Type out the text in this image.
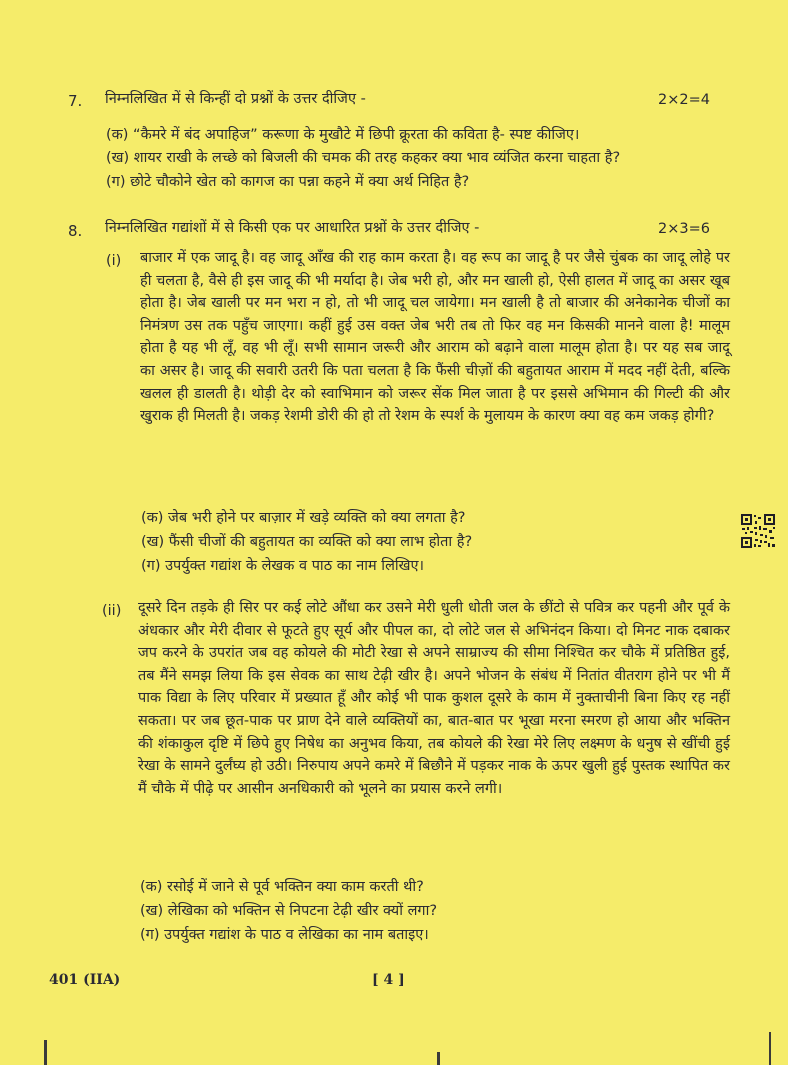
7. निम्नलिखित में से किन्हीं दो प्रश्नों के उत्तर दीजिए -	2×2=4
(क) “कैमरे में बंद अपाहिज” करूणा के मुखौटे में छिपी क्रूरता की कविता है- स्पष्ट कीजिए।
(ख) शायर राखी के लच्छे को बिजली की चमक की तरह कहकर क्या भाव व्यंजित करना चाहता है?
(ग) छोटे चौकोने खेत को कागज का पन्ना कहने में क्या अर्थ निहित है?
8. निम्नलिखित गद्यांशों में से किसी एक पर आधारित प्रश्नों के उत्तर दीजिए -	2×3=6
(i) बाजार में एक जादू है। वह जादू आँख की राह काम करता है। वह रूप का जादू है पर जैसे चुंबक का जादू लोहे पर ही चलता है, वैसे ही इस जादू की भी मर्यादा है। जेब भरी हो, और मन खाली हो, ऐसी हालत में जादू का असर खूब होता है। जेब खाली पर मन भरा न हो, तो भी जादू चल जायेगा। मन खाली है तो बाजार की अनेकानेक चीजों का निमंत्रण उस तक पहुँच जाएगा। कहीं हुई उस वक्त जेब भरी तब तो फिर वह मन किसकी मानने वाला है! मालूम होता है यह भी लूँ, वह भी लूँ। सभी सामान जरूरी और आराम को बढ़ाने वाला मालूम होता है। पर यह सब जादू का असर है। जादू की सवारी उतरी कि पता चलता है कि फैंसी चीज़ों की बहुतायत आराम में मदद नहीं देती, बल्कि खलल ही डालती है। थोड़ी देर को स्वाभिमान को जरूर सेंक मिल जाता है पर इससे अभिमान की गिल्टी की और खुराक ही मिलती है। जकड़ रेशमी डोरी की हो तो रेशम के स्पर्श के मुलायम के कारण क्या वह कम जकड़ होगी?
(क) जेब भरी होने पर बाज़ार में खड़े व्यक्ति को क्या लगता है?
(ख) फैंसी चीजों की बहुतायत का व्यक्ति को क्या लाभ होता है?
(ग) उपर्युक्त गद्यांश के लेखक व पाठ का नाम लिखिए।
(ii) दूसरे दिन तड़के ही सिर पर कई लोटे औंधा कर उसने मेरी धुली धोती जल के छींटो से पवित्र कर पहनी और पूर्व के अंधकार और मेरी दीवार से फूटते हुए सूर्य और पीपल का, दो लोटे जल से अभिनंदन किया। दो मिनट नाक दबाकर जप करने के उपरांत जब वह कोयले की मोटी रेखा से अपने साम्राज्य की सीमा निश्चित कर चौके में प्रतिष्ठित हुई, तब मैंने समझ लिया कि इस सेवक का साथ टेढ़ी खीर है। अपने भोजन के संबंध में नितांत वीतराग होने पर भी मैं पाक विद्या के लिए परिवार में प्रख्यात हूँ और कोई भी पाक कुशल दूसरे के काम में नुक्ताचीनी बिना किए रह नहीं सकता। पर जब छूत-पाक पर प्राण देने वाले व्यक्तियों का, बात-बात पर भूखा मरना स्मरण हो आया और भक्तिन की शंकाकुल दृष्टि में छिपे हुए निषेध का अनुभव किया, तब कोयले की रेखा मेरे लिए लक्ष्मण के धनुष से खींची हुई रेखा के सामने दुर्लंघ्य हो उठी। निरुपाय अपने कमरे में बिछौने में पड़कर नाक के ऊपर खुली हुई पुस्तक स्थापित कर मैं चौके में पीढ़े पर आसीन अनधिकारी को भूलने का प्रयास करने लगी।
(क) रसोई में जाने से पूर्व भक्तिन क्या काम करती थी?
(ख) लेखिका को भक्तिन से निपटना टेढ़ी खीर क्यों लगा?
(ग) उपर्युक्त गद्यांश के पाठ व लेखिका का नाम बताइए।
401 (IIA)	[ 4 ]
